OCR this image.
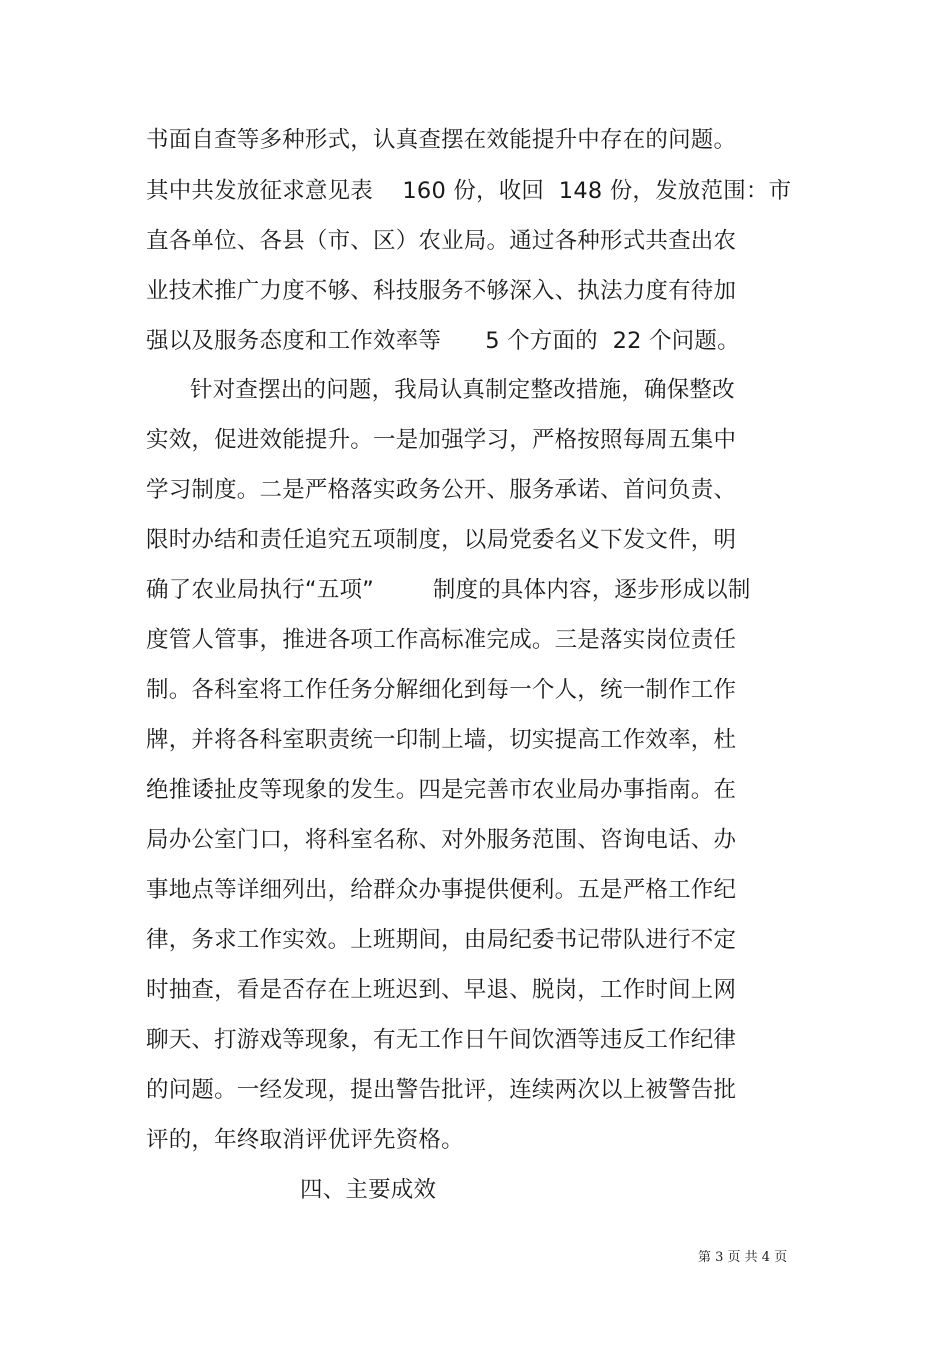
书面自查等多种形式，认真查摆在效能提升中存在的问题。
其中共发放征求意见表    160 份，收回  148 份，发放范围：市
直各单位、各县（市、区）农业局。通过各种形式共查出农
业技术推广力度不够、科技服务不够深入、执法力度有待加
强以及服务态度和工作效率等      5 个方面的  22 个问题。
针对查摆出的问题，我局认真制定整改措施，确保整改
实效，促进效能提升。一是加强学习，严格按照每周五集中
学习制度。二是严格落实政务公开、服务承诺、首问负责、
限时办结和责任追究五项制度，以局党委名义下发文件，明
确了农业局执行“五项”        制度的具体内容，逐步形成以制
度管人管事，推进各项工作高标准完成。三是落实岗位责任
制。各科室将工作任务分解细化到每一个人，统一制作工作
牌，并将各科室职责统一印制上墙，切实提高工作效率，杜
绝推诿扯皮等现象的发生。四是完善市农业局办事指南。在
局办公室门口，将科室名称、对外服务范围、咨询电话、办
事地点等详细列出，给群众办事提供便利。五是严格工作纪
律，务求工作实效。上班期间，由局纪委书记带队进行不定
时抽查，看是否存在上班迟到、早退、脱岗，工作时间上网
聊天、打游戏等现象，有无工作日午间饮酒等违反工作纪律
的问题。一经发现，提出警告批评，连续两次以上被警告批
评的，年终取消评优评先资格。
四、主要成效
第 3 页 共 4 页
